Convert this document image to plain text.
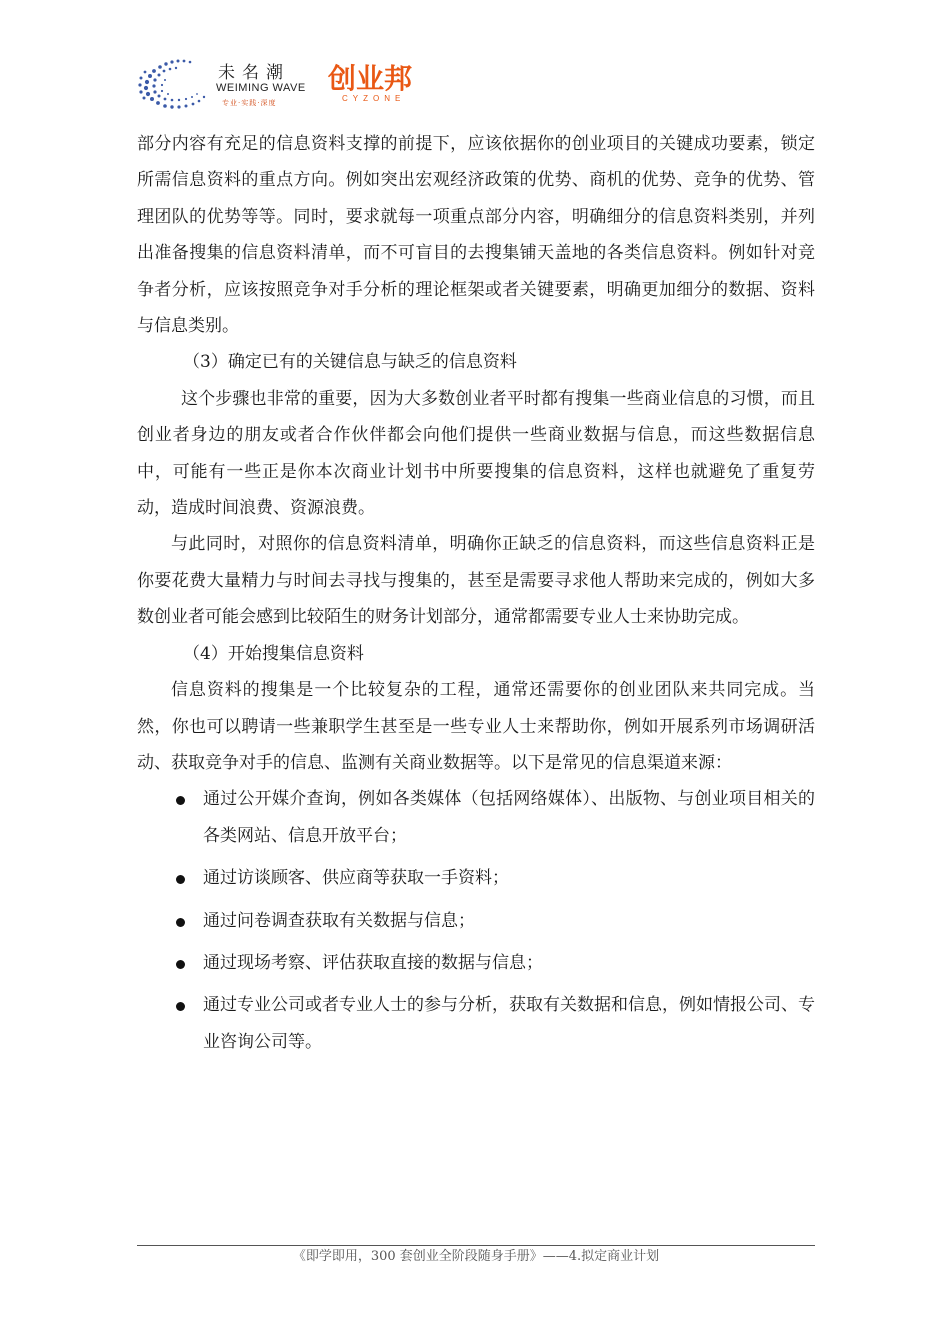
未名潮
WEIMING WAVE
专业·实践·深度
创业邦
CYZONE

部分内容有充足的信息资料支撑的前提下，应该依据你的创业项目的关键成功要素，锁定所需信息资料的重点方向。例如突出宏观经济政策的优势、商机的优势、竞争的优势、管理团队的优势等等。同时，要求就每一项重点部分内容，明确细分的信息资料类别，并列出准备搜集的信息资料清单，而不可盲目的去搜集铺天盖地的各类信息资料。例如针对竞争者分析，应该按照竞争对手分析的理论框架或者关键要素，明确更加细分的数据、资料与信息类别。

（3）确定已有的关键信息与缺乏的信息资料

这个步骤也非常的重要，因为大多数创业者平时都有搜集一些商业信息的习惯，而且创业者身边的朋友或者合作伙伴都会向他们提供一些商业数据与信息，而这些数据信息中，可能有一些正是你本次商业计划书中所要搜集的信息资料，这样也就避免了重复劳动，造成时间浪费、资源浪费。

与此同时，对照你的信息资料清单，明确你正缺乏的信息资料，而这些信息资料正是你要花费大量精力与时间去寻找与搜集的，甚至是需要寻求他人帮助来完成的，例如大多数创业者可能会感到比较陌生的财务计划部分，通常都需要专业人士来协助完成。

（4）开始搜集信息资料

信息资料的搜集是一个比较复杂的工程，通常还需要你的创业团队来共同完成。当然，你也可以聘请一些兼职学生甚至是一些专业人士来帮助你，例如开展系列市场调研活动、获取竞争对手的信息、监测有关商业数据等。以下是常见的信息渠道来源：

通过公开媒介查询，例如各类媒体（包括网络媒体）、出版物、与创业项目相关的各类网站、信息开放平台；
通过访谈顾客、供应商等获取一手资料；
通过问卷调查获取有关数据与信息；
通过现场考察、评估获取直接的数据与信息；
通过专业公司或者专业人士的参与分析，获取有关数据和信息，例如情报公司、专业咨询公司等。
《即学即用，300 套创业全阶段随身手册》——4.拟定商业计划
